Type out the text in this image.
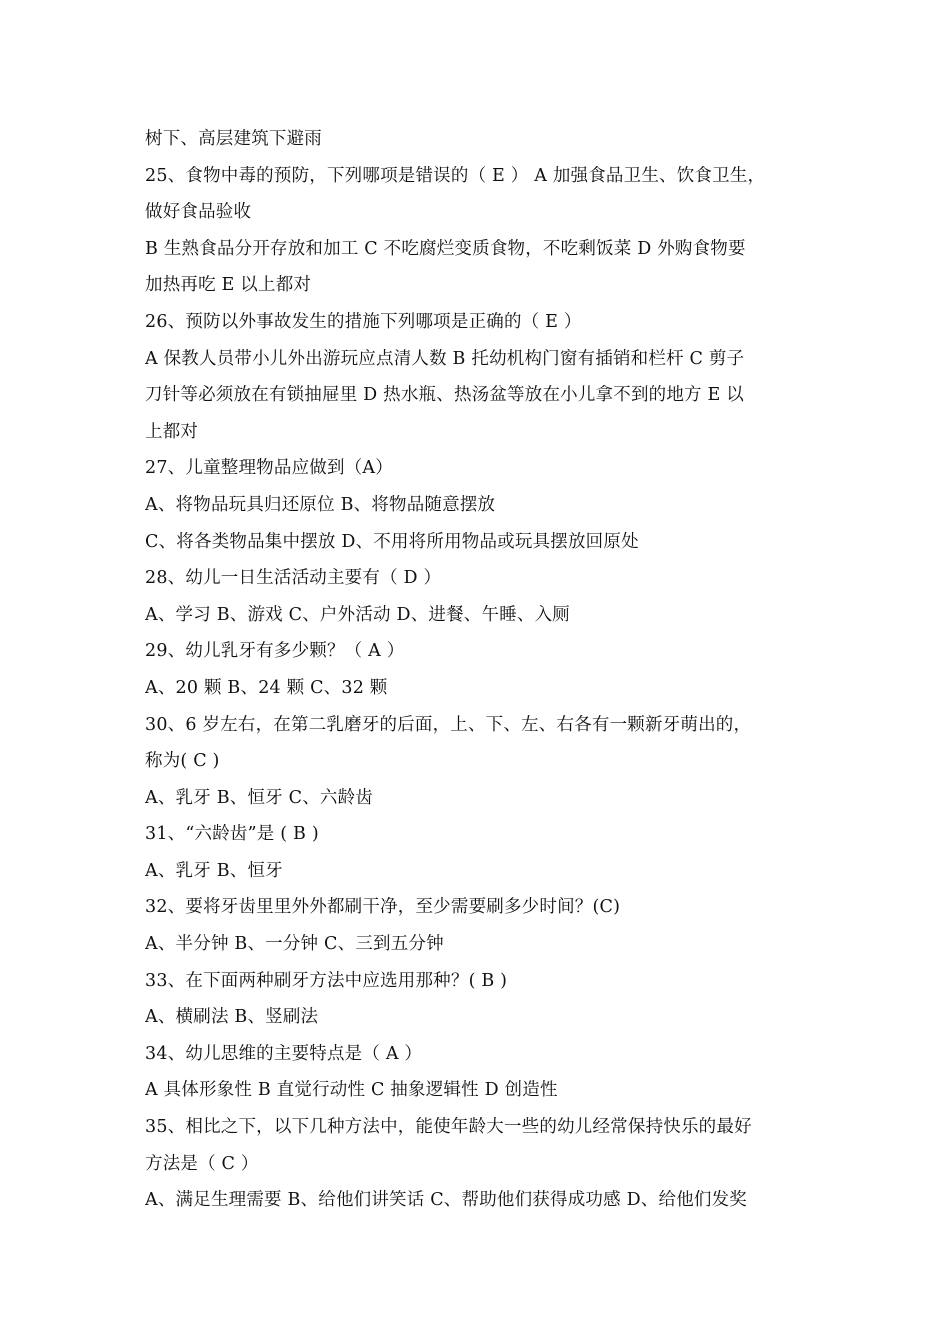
树下、高层建筑下避雨
25、食物中毒的预防，下列哪项是错误的（ E ） A 加强食品卫生、饮食卫生，
做好食品验收
B 生熟食品分开存放和加工 C 不吃腐烂变质食物，不吃剩饭菜 D 外购食物要
加热再吃 E 以上都对
26、预防以外事故发生的措施下列哪项是正确的（ E ）
A 保教人员带小儿外出游玩应点清人数 B 托幼机构门窗有插销和栏杆 C 剪子
刀针等必须放在有锁抽屉里 D 热水瓶、热汤盆等放在小儿拿不到的地方 E 以
上都对
27、儿童整理物品应做到（A）
A、将物品玩具归还原位 B、将物品随意摆放
C、将各类物品集中摆放 D、不用将所用物品或玩具摆放回原处
28、幼儿一日生活活动主要有（ D ）
A、学习 B、游戏 C、户外活动 D、进餐、午睡、入厕
29、幼儿乳牙有多少颗？（ A ）
A、20 颗 B、24 颗 C、32 颗
30、6 岁左右，在第二乳磨牙的后面，上、下、左、右各有一颗新牙萌出的，
称为( C )
A、乳牙 B、恒牙 C、六龄齿
31、“六龄齿”是 ( B )
A、乳牙 B、恒牙
32、要将牙齿里里外外都刷干净，至少需要刷多少时间？(C)
A、半分钟 B、一分钟 C、三到五分钟
33、在下面两种刷牙方法中应选用那种？( B )
A、横刷法 B、竖刷法
34、幼儿思维的主要特点是（ A ）
A 具体形象性 B 直觉行动性 C 抽象逻辑性 D 创造性
35、相比之下，以下几种方法中，能使年龄大一些的幼儿经常保持快乐的最好
方法是（ C ）
A、满足生理需要 B、给他们讲笑话 C、帮助他们获得成功感 D、给他们发奖
